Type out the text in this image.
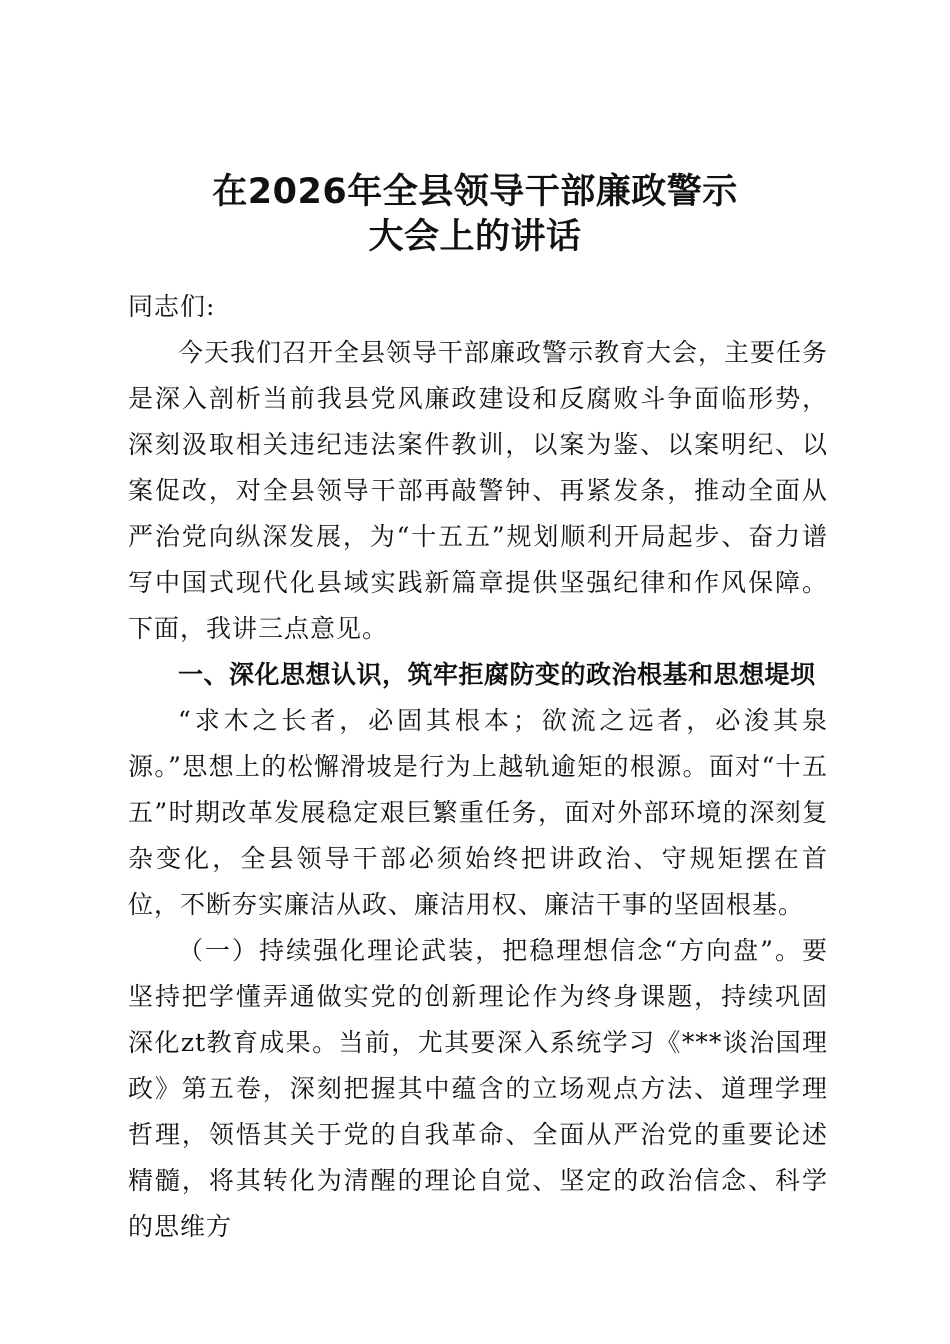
在2026年全县领导干部廉政警示
大会上的讲话

同志们:

今天我们召开全县领导干部廉政警示教育大会，主要任务是深入剖析当前我县党风廉政建设和反腐败斗争面临形势，深刻汲取相关违纪违法案件教训，以案为鉴、以案明纪、以案促改，对全县领导干部再敲警钟、再紧发条，推动全面从严治党向纵深发展，为“十五五”规划顺利开局起步、奋力谱写中国式现代化县域实践新篇章提供坚强纪律和作风保障。下面，我讲三点意见。

一、深化思想认识，筑牢拒腐防变的政治根基和思想堤坝

“求木之长者，必固其根本；欲流之远者，必浚其泉源。”思想上的松懈滑坡是行为上越轨逾矩的根源。面对“十五五”时期改革发展稳定艰巨繁重任务，面对外部环境的深刻复杂变化，全县领导干部必须始终把讲政治、守规矩摆在首位，不断夯实廉洁从政、廉洁用权、廉洁干事的坚固根基。

（一）持续强化理论武装，把稳理想信念“方向盘”。要坚持把学懂弄通做实党的创新理论作为终身课题，持续巩固深化zt教育成果。当前，尤其要深入系统学习《***谈治国理政》第五卷，深刻把握其中蕴含的立场观点方法、道理学理哲理，领悟其关于党的自我革命、全面从严治党的重要论述精髓，将其转化为清醒的理论自觉、坚定的政治信念、科学的思维方
